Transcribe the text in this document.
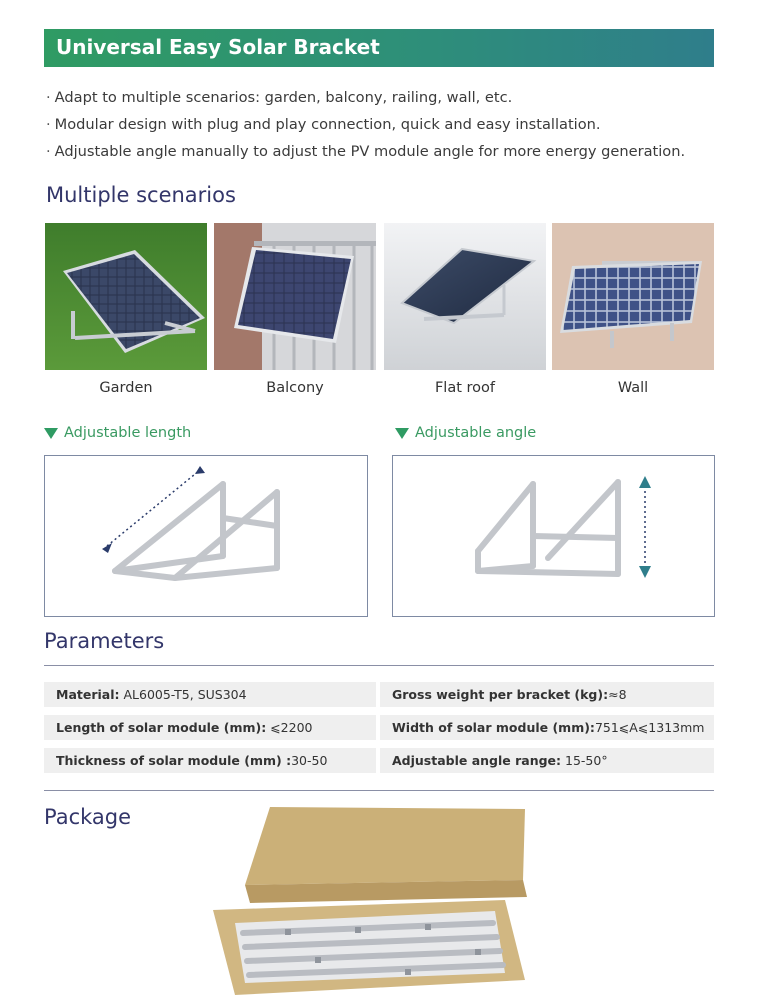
Universal Easy Solar Bracket
· Adapt to multiple scenarios: garden, balcony, railing, wall, etc.
· Modular design with plug and play connection, quick and easy installation.
· Adjustable angle manually to adjust the PV module angle for more energy generation.
Multiple scenarios
Garden	Balcony	Flat roof	Wall
Adjustable length	Adjustable angle
Parameters
Material: AL6005-T5, SUS304	Gross weight per bracket (kg):≈8
Length of solar module (mm): ⩽2200	Width of solar module (mm):751⩽A⩽1313mm
Thickness of solar module (mm) :30-50	Adjustable angle range: 15-50°
Package
